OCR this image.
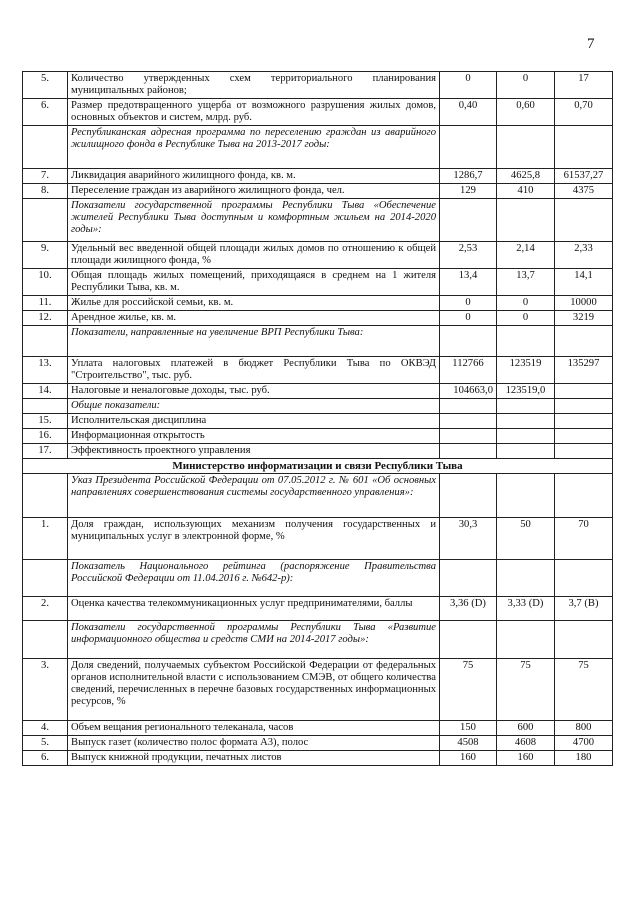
7
5.	Количество утвержденных схем территориального планирования муниципальных районов;	0	0	17
6.	Размер предотвращенного ущерба от возможного разрушения жилых домов, основных объектов и систем, млрд. руб.	0,40	0,60	0,70
	Республиканская адресная программа по переселению граждан из аварийного жилищного фонда в Республике Тыва на 2013-2017 годы:			
7.	Ликвидация аварийного жилищного фонда, кв. м.	1286,7	4625,8	61537,27
8.	Переселение граждан из аварийного жилищного фонда, чел.	129	410	4375
	Показатели государственной программы Республики Тыва «Обеспечение жителей Республики Тыва доступным и комфортным жильем на 2014-2020 годы»:			
9.	Удельный вес введенной общей площади жилых домов по отношению к общей площади жилищного фонда, %	2,53	2,14	2,33
10.	Общая площадь жилых помещений, приходящаяся в среднем на 1 жителя Республики Тыва, кв. м.	13,4	13,7	14,1
11.	Жилье для российской семьи, кв. м.	0	0	10000
12.	Арендное жилье, кв. м.	0	0	3219
	Показатели, направленные на увеличение ВРП Республики Тыва:			
13.	Уплата налоговых платежей в бюджет Республики Тыва по ОКВЭД "Строительство", тыс. руб.	112766	123519	135297
14.	Налоговые и неналоговые доходы, тыс. руб.	104663,0	123519,0	
	Общие показатели:			
15.	Исполнительская дисциплина			
16.	Информационная открытость			
17.	Эффективность проектного управления			
Министерство информатизации и связи Республики Тыва				
	Указ Президента Российской Федерации от 07.05.2012 г. № 601 «Об основных направлениях совершенствования системы государственного управления»:			
1.	Доля граждан, использующих механизм получения государственных и муниципальных услуг в электронной форме, %	30,3	50	70
	Показатель Национального рейтинга (распоряжение Правительства Российской Федерации от 11.04.2016 г. №642-р):			
2.	Оценка качества телекоммуникационных услуг предпринимателями, баллы	3,36 (D)	3,33 (D)	3,7 (B)
	Показатели государственной программы Республики Тыва «Развитие информационного общества и средств СМИ на 2014-2017 годы»:			
3.	Доля сведений, получаемых субъектом Российской Федерации от федеральных органов исполнительной власти с использованием СМЭВ, от общего количества сведений, перечисленных в перечне базовых государственных информационных ресурсов, %	75	75	75
4.	Объем вещания регионального телеканала, часов	150	600	800
5.	Выпуск газет (количество полос формата А3), полос	4508	4608	4700
6.	Выпуск книжной продукции, печатных листов	160	160	180
